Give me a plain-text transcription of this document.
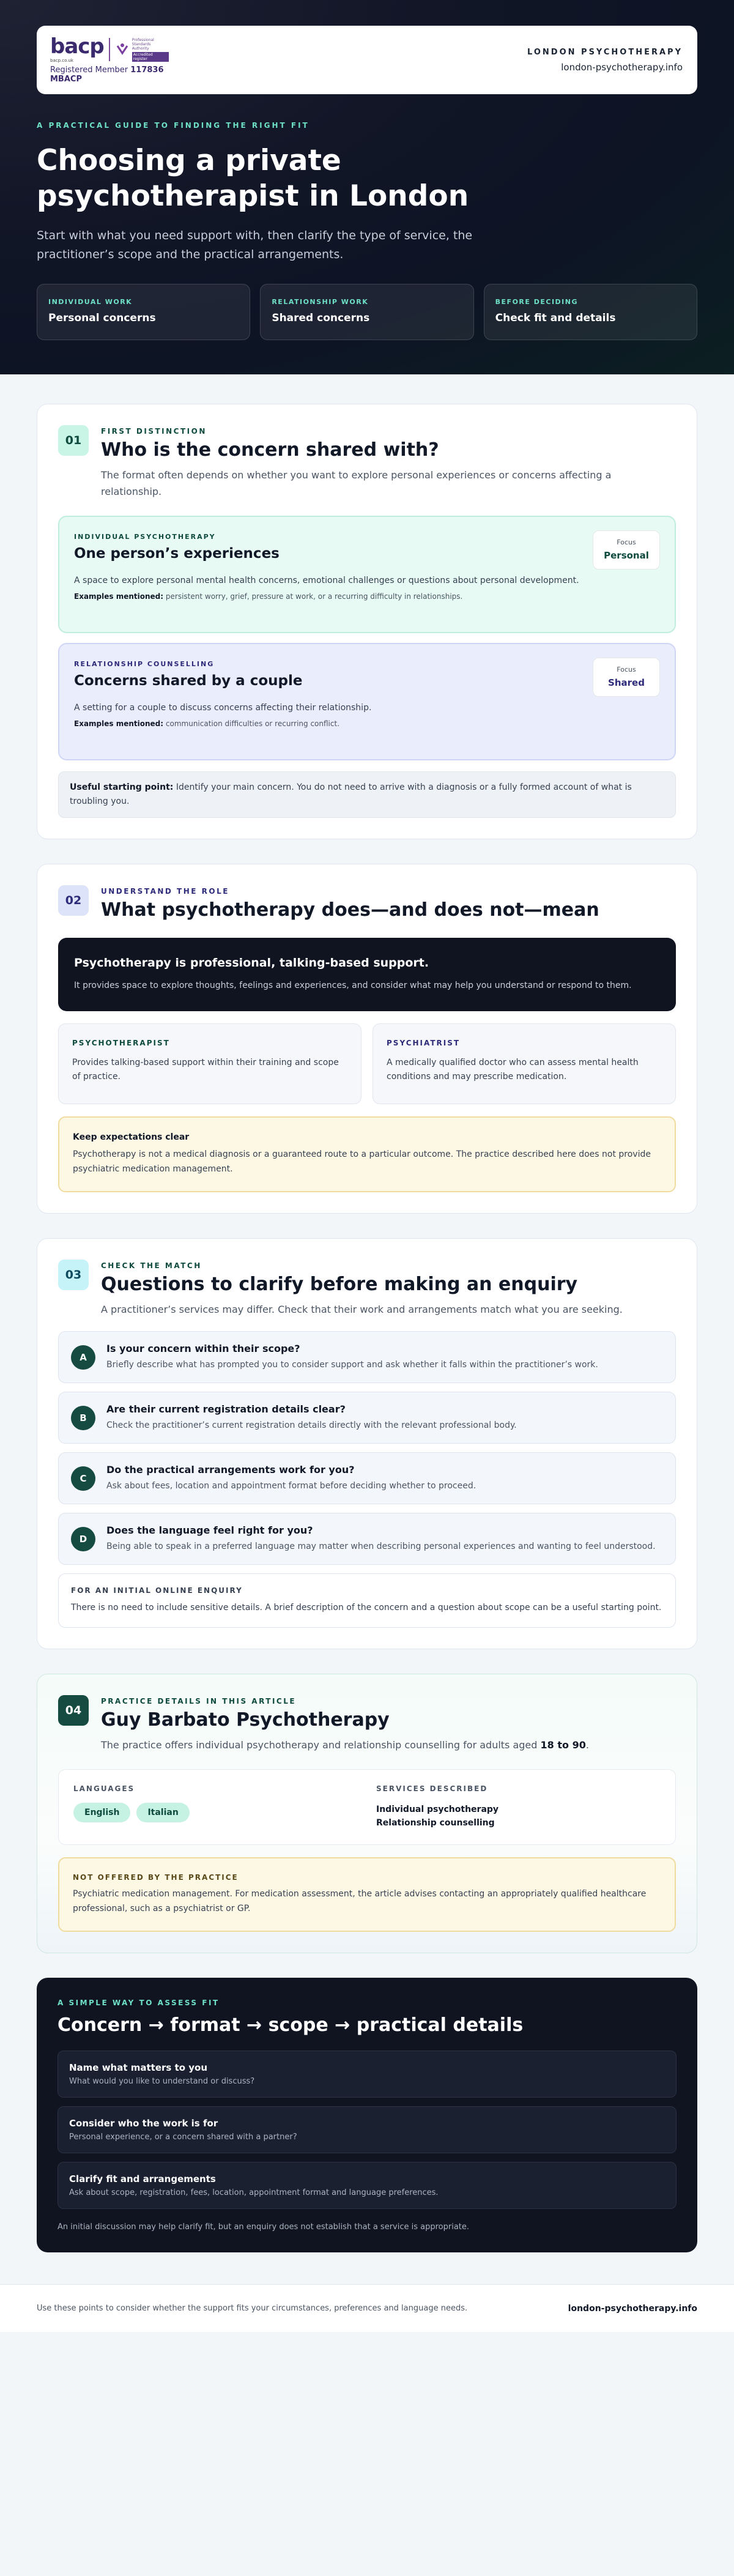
bacp
bacp.co.uk
Professional Standards Authority
Accredited register
Registered Member 117836
MBACP
LONDON PSYCHOTHERAPY
london-psychotherapy.info
A PRACTICAL GUIDE TO FINDING THE RIGHT FIT
Choosing a private psychotherapist in London
Start with what you need support with, then clarify the type of service, the practitioner’s scope and the practical arrangements.
INDIVIDUAL WORK
Personal concerns
RELATIONSHIP WORK
Shared concerns
BEFORE DECIDING
Check fit and details
01
FIRST DISTINCTION
Who is the concern shared with?
The format often depends on whether you want to explore personal experiences or concerns affecting a relationship.
INDIVIDUAL PSYCHOTHERAPY
One person’s experiences
A space to explore personal mental health concerns, emotional challenges or questions about personal development.
Examples mentioned: persistent worry, grief, pressure at work, or a recurring difficulty in relationships.
Focus
Personal
RELATIONSHIP COUNSELLING
Concerns shared by a couple
A setting for a couple to discuss concerns affecting their relationship.
Examples mentioned: communication difficulties or recurring conflict.
Focus
Shared
Useful starting point: Identify your main concern. You do not need to arrive with a diagnosis or a fully formed account of what is troubling you.
02
UNDERSTAND THE ROLE
What psychotherapy does—and does not—mean
Psychotherapy is professional, talking-based support.
It provides space to explore thoughts, feelings and experiences, and consider what may help you understand or respond to them.
PSYCHOTHERAPIST
Provides talking-based support within their training and scope of practice.
PSYCHIATRIST
A medically qualified doctor who can assess mental health conditions and may prescribe medication.
Keep expectations clear
Psychotherapy is not a medical diagnosis or a guaranteed route to a particular outcome. The practice described here does not provide psychiatric medication management.
03
CHECK THE MATCH
Questions to clarify before making an enquiry
A practitioner’s services may differ. Check that their work and arrangements match what you are seeking.
A
Is your concern within their scope?
Briefly describe what has prompted you to consider support and ask whether it falls within the practitioner’s work.
B
Are their current registration details clear?
Check the practitioner’s current registration details directly with the relevant professional body.
C
Do the practical arrangements work for you?
Ask about fees, location and appointment format before deciding whether to proceed.
D
Does the language feel right for you?
Being able to speak in a preferred language may matter when describing personal experiences and wanting to feel understood.
FOR AN INITIAL ONLINE ENQUIRY
There is no need to include sensitive details. A brief description of the concern and a question about scope can be a useful starting point.
04
PRACTICE DETAILS IN THIS ARTICLE
Guy Barbato Psychotherapy
The practice offers individual psychotherapy and relationship counselling for adults aged 18 to 90.
LANGUAGES
English	Italian
SERVICES DESCRIBED
Individual psychotherapy
Relationship counselling
NOT OFFERED BY THE PRACTICE
Psychiatric medication management. For medication assessment, the article advises contacting an appropriately qualified healthcare professional, such as a psychiatrist or GP.
A SIMPLE WAY TO ASSESS FIT
Concern → format → scope → practical details
Name what matters to you
What would you like to understand or discuss?
Consider who the work is for
Personal experience, or a concern shared with a partner?
Clarify fit and arrangements
Ask about scope, registration, fees, location, appointment format and language preferences.
An initial discussion may help clarify fit, but an enquiry does not establish that a service is appropriate.
Use these points to consider whether the support fits your circumstances, preferences and language needs.	london-psychotherapy.info
